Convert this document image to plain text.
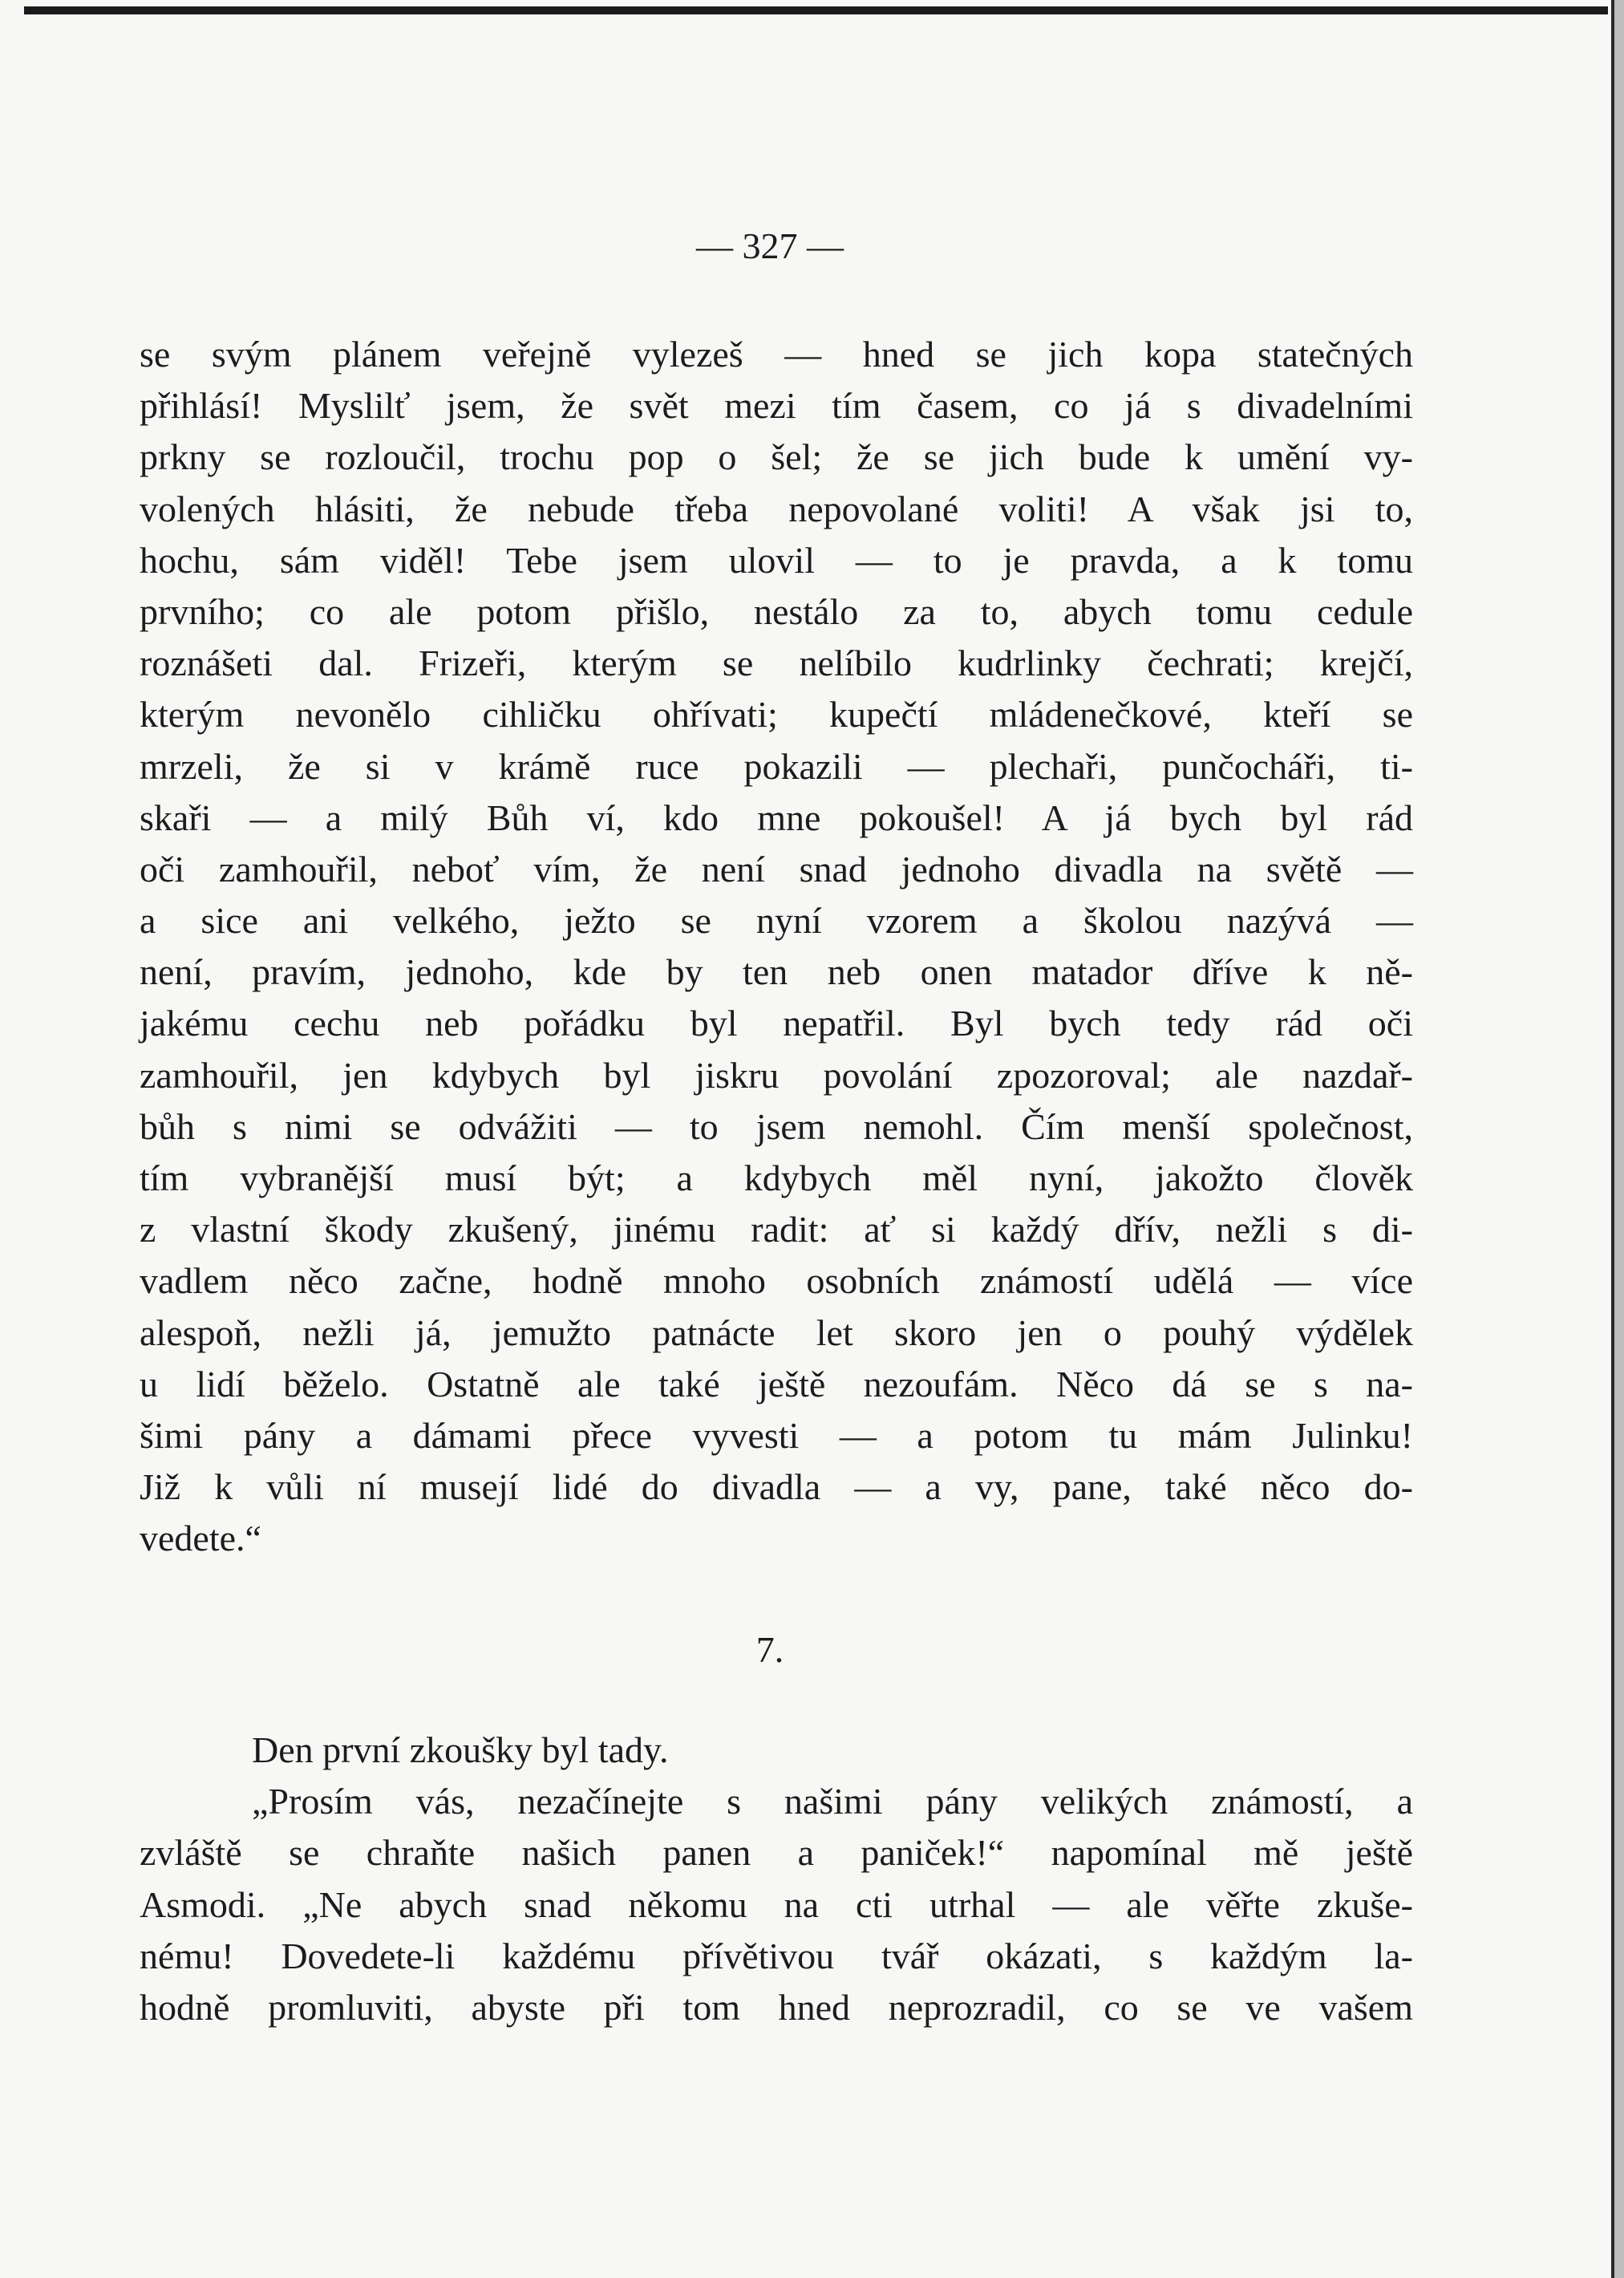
— 327 —

se svým plánem veřejně vylezeš — hned se jich kopa statečných
přihlásí! Myslilť jsem, že svět mezi tím časem, co já s divadelními
prkny se rozloučil, trochu pop o šel; že se jich bude k umění vy-
volených hlásiti, že nebude třeba nepovolané voliti! A však jsi to,
hochu, sám viděl! Tebe jsem ulovil — to je pravda, a k tomu
prvního; co ale potom přišlo, nestálo za to, abych tomu cedule
roznášeti dal. Frizeři, kterým se nelíbilo kudrlinky čechrati; krejčí,
kterým nevonělo cihličku ohřívati; kupečtí mládenečkové, kteří se
mrzeli, že si v krámě ruce pokazili — plechaři, punčocháři, ti-
skaři — a milý Bůh ví, kdo mne pokoušel! A já bych byl rád
oči zamhouřil, neboť vím, že není snad jednoho divadla na světě —
a sice ani velkého, ježto se nyní vzorem a školou nazývá —
není, pravím, jednoho, kde by ten neb onen matador dříve k ně-
jakému cechu neb pořádku byl nepatřil. Byl bych tedy rád oči
zamhouřil, jen kdybych byl jiskru povolání zpozoroval; ale nazdař-
bůh s nimi se odvážiti — to jsem nemohl. Čím menší společnost,
tím vybranější musí být; a kdybych měl nyní, jakožto člověk
z vlastní škody zkušený, jinému radit: ať si každý dřív, nežli s di-
vadlem něco začne, hodně mnoho osobních známostí udělá — více
alespoň, nežli já, jemužto patnácte let skoro jen o pouhý výdělek
u lidí běželo. Ostatně ale také ještě nezoufám. Něco dá se s na-
šimi pány a dámami přece vyvesti — a potom tu mám Julinku!
Již k vůli ní musejí lidé do divadla — a vy, pane, také něco do-
vedete.“

7.

Den první zkoušky byl tady.
„Prosím vás, nezačínejte s našimi pány velikých známostí, a
zvláště se chraňte našich panen a paniček!“ napomínal mě ještě
Asmodi. „Ne abych snad někomu na cti utrhal — ale věřte zkuše-
nému! Dovedete-li každému přívětivou tvář okázati, s každým la-
hodně promluviti, abyste při tom hned neprozradil, co se ve vašem
